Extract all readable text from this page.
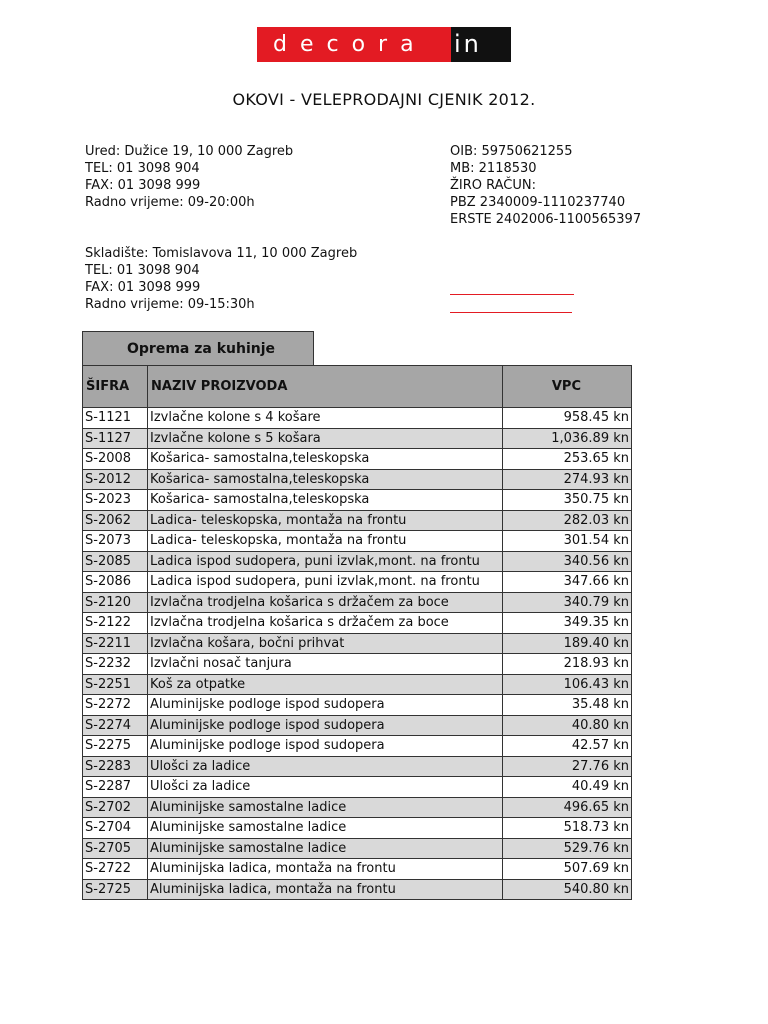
decora	in
OKOVI - VELEPRODAJNI CJENIK 2012.
Ured: Dužice 19, 10 000 Zagreb
TEL: 01 3098 904
FAX: 01 3098 999
Radno vrijeme: 09-20:00h
OIB: 59750621255
MB: 2118530
ŽIRO RAČUN:
PBZ 2340009-1110237740
ERSTE 2402006-1100565397
Skladište: Tomislavova 11, 10 000 Zagreb
TEL: 01 3098 904
FAX: 01 3098 999
Radno vrijeme: 09-15:30h
Oprema za kuhinje
ŠIFRA	NAZIV PROIZVODA	VPC
S-1121	Izvlačne kolone s 4 košare	958.45 kn
S-1127	Izvlačne kolone s 5 košara	1,036.89 kn
S-2008	Košarica- samostalna,teleskopska	253.65 kn
S-2012	Košarica- samostalna,teleskopska	274.93 kn
S-2023	Košarica- samostalna,teleskopska	350.75 kn
S-2062	Ladica- teleskopska, montaža na frontu	282.03 kn
S-2073	Ladica- teleskopska, montaža na frontu	301.54 kn
S-2085	Ladica ispod sudopera, puni izvlak,mont. na frontu	340.56 kn
S-2086	Ladica ispod sudopera, puni izvlak,mont. na frontu	347.66 kn
S-2120	Izvlačna trodjelna košarica s držačem za boce	340.79 kn
S-2122	Izvlačna trodjelna košarica s držačem za boce	349.35 kn
S-2211	Izvlačna košara, bočni prihvat	189.40 kn
S-2232	Izvlačni nosač tanjura	218.93 kn
S-2251	Koš za otpatke	106.43 kn
S-2272	Aluminijske podloge ispod sudopera	35.48 kn
S-2274	Aluminijske podloge ispod sudopera	40.80 kn
S-2275	Aluminijske podloge ispod sudopera	42.57 kn
S-2283	Ulošci za ladice	27.76 kn
S-2287	Ulošci za ladice	40.49 kn
S-2702	Aluminijske samostalne ladice	496.65 kn
S-2704	Aluminijske samostalne ladice	518.73 kn
S-2705	Aluminijske samostalne ladice	529.76 kn
S-2722	Aluminijska ladica, montaža na frontu	507.69 kn
S-2725	Aluminijska ladica, montaža na frontu	540.80 kn
